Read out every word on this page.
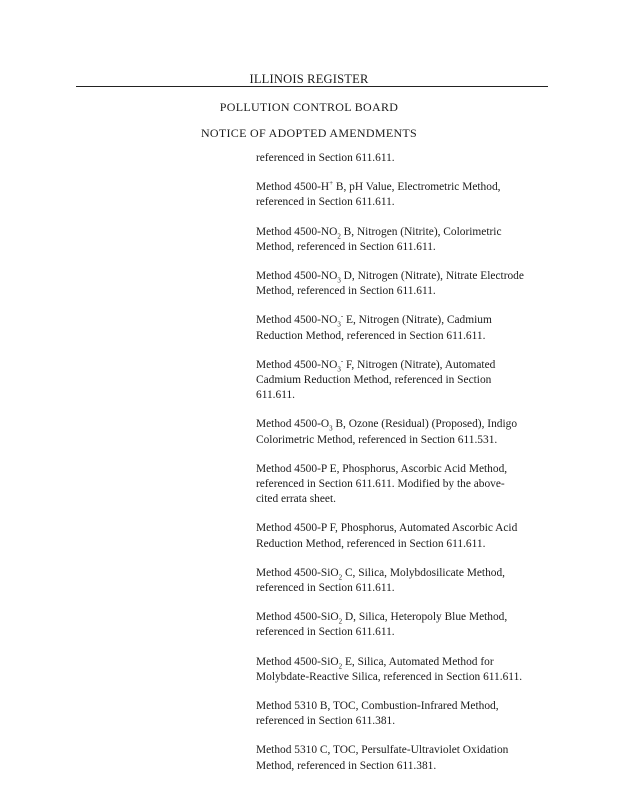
ILLINOIS REGISTER
POLLUTION CONTROL BOARD
NOTICE OF ADOPTED AMENDMENTS
referenced in Section 611.611.
Method 4500-H+ B, pH Value, Electrometric Method,
referenced in Section 611.611.
Method $4500-NO_2$ B, Nitrogen (Nitrite), Colorimetric
Method, referenced in Section 611.611.
Method $4500-NO_3$ D, Nitrogen (Nitrate), Nitrate Electrode
Method, referenced in Section 611.611.
Method $4500-NO_3^-$ E, Nitrogen (Nitrate), Cadmium
Reduction Method, referenced in Section 611.611.
Method $4500-NO_3^-$ F, Nitrogen (Nitrate), Automated
Cadmium Reduction Method, referenced in Section
611.611.
Method $4500-O_3$ B, Ozone (Residual) (Proposed), Indigo
Colorimetric Method, referenced in Section 611.531.
Method 4500-P E, Phosphorus, Ascorbic Acid Method,
referenced in Section 611.611. Modified by the above-
cited errata sheet.
Method 4500-P F, Phosphorus, Automated Ascorbic Acid
Reduction Method, referenced in Section 611.611.
Method 4500-SiO$_2$ C, Silica, Molybdosilicate Method,
referenced in Section 611.611.
Method 4500-SiO$_2$ D, Silica, Heteropoly Blue Method,
referenced in Section 611.611.
Method 4500-SiO$_2$ E, Silica, Automated Method for
Molybdate-Reactive Silica, referenced in Section 611.611.
Method 5310 B, TOC, Combustion-Infrared Method,
referenced in Section 611.381.
Method 5310 C, TOC, Persulfate-Ultraviolet Oxidation
Method, referenced in Section 611.381.
